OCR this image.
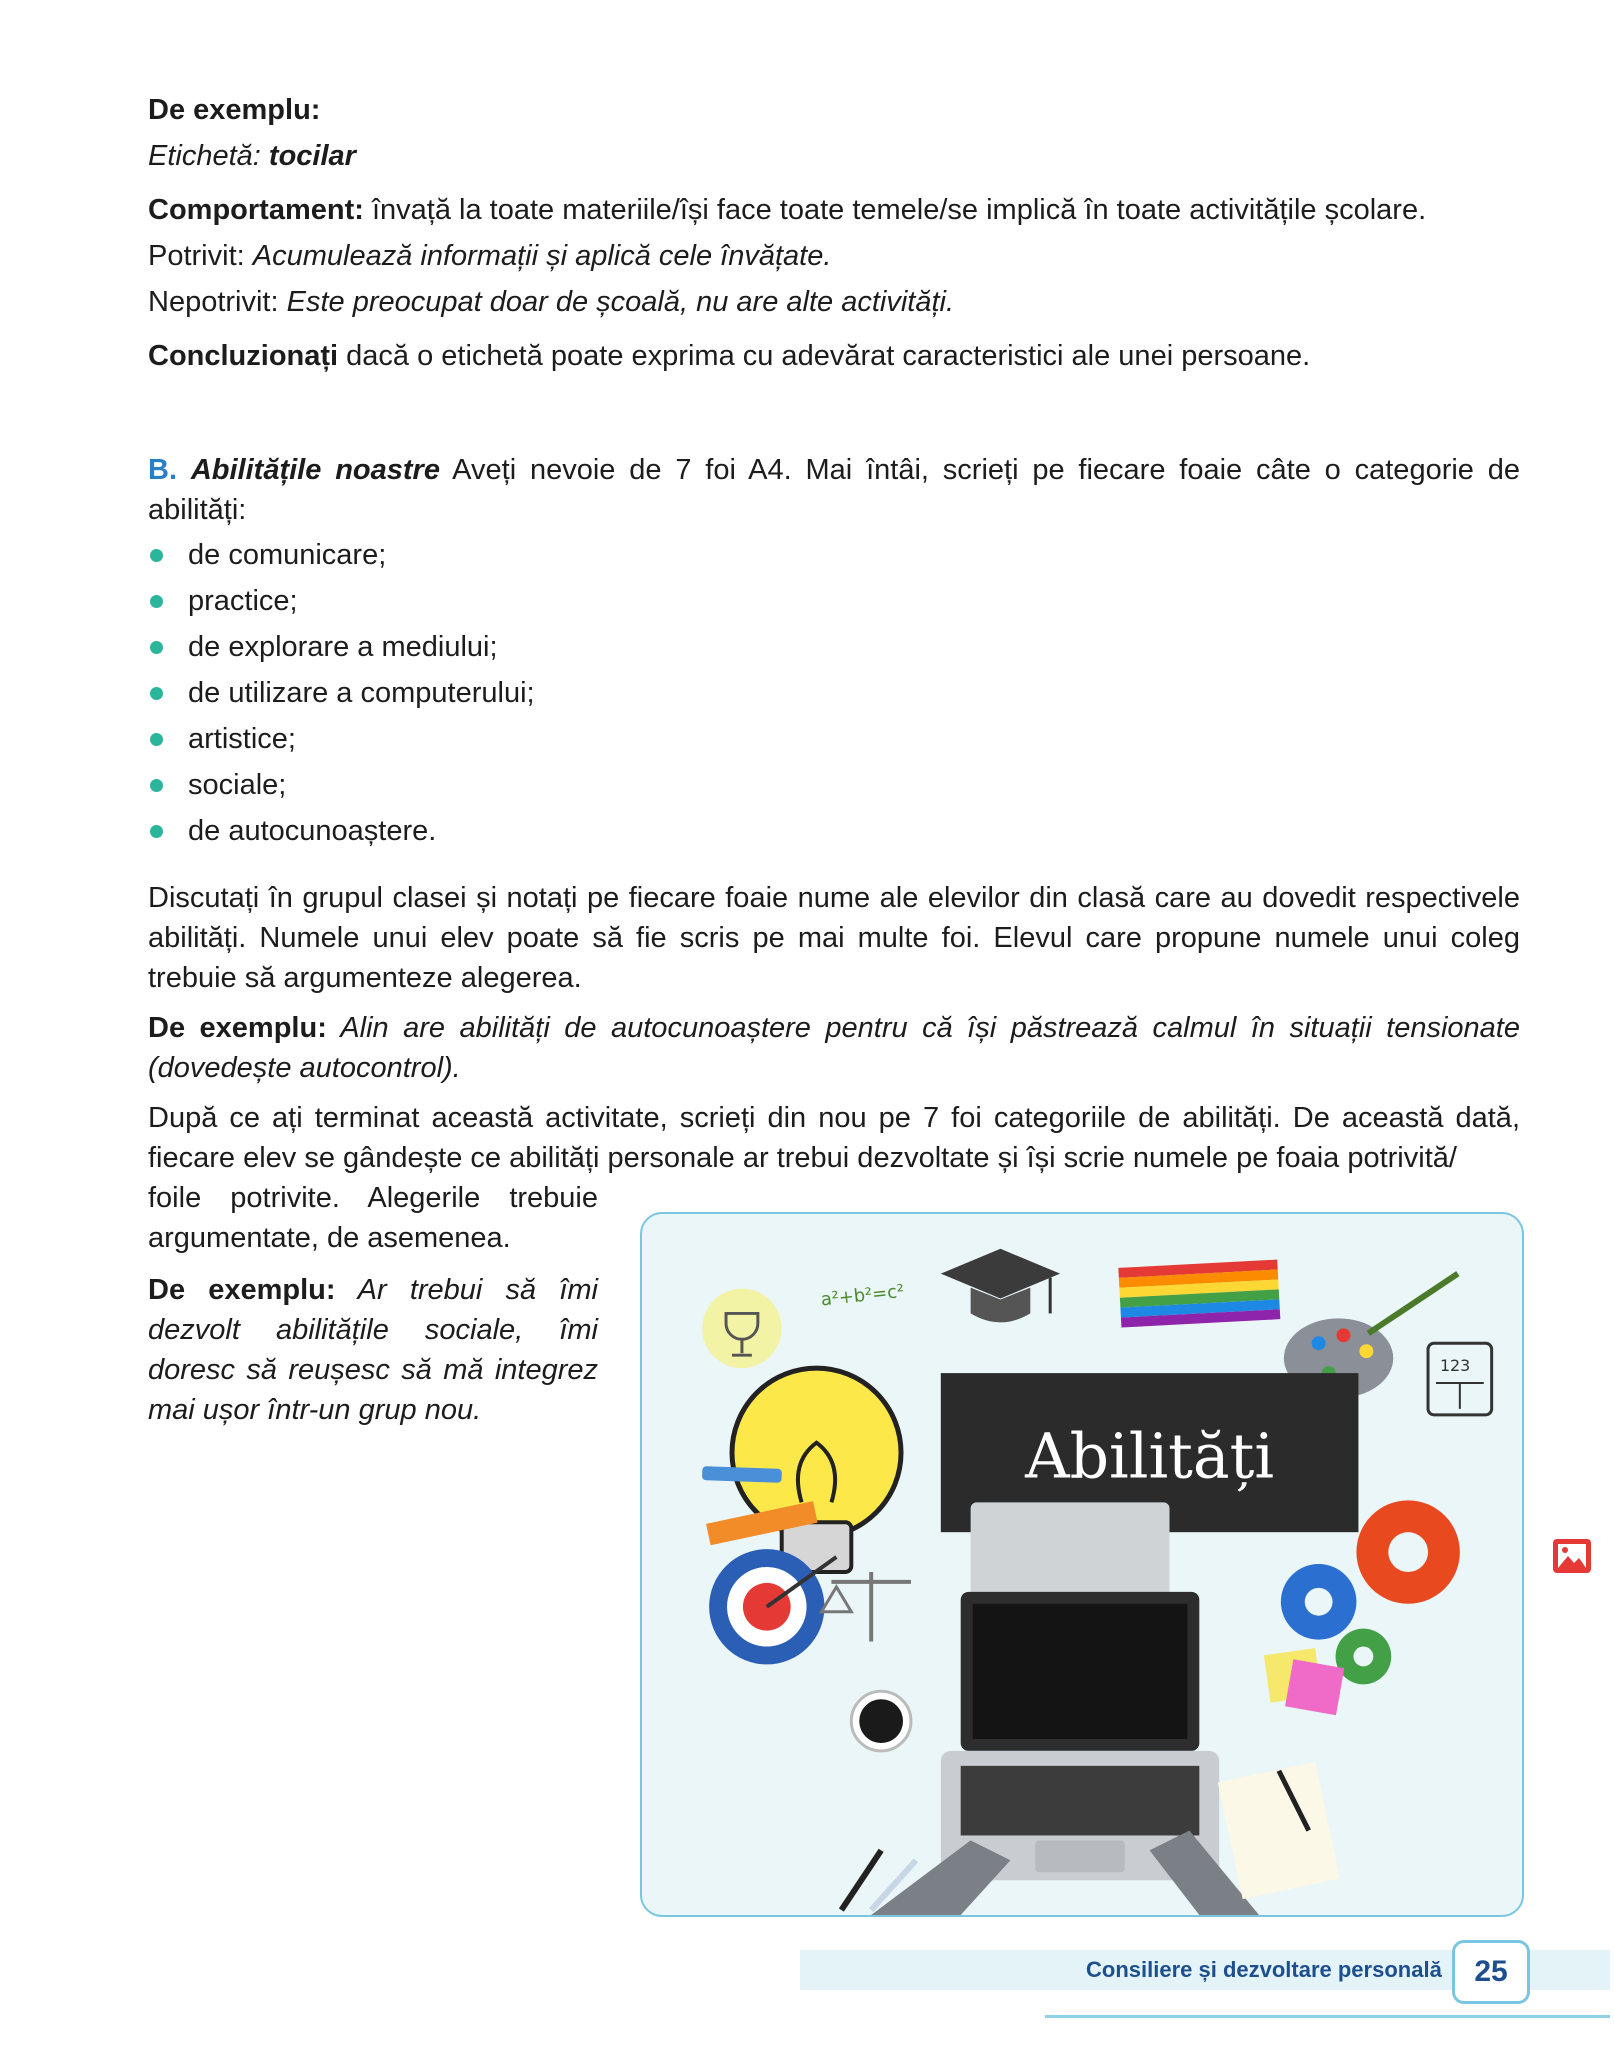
De exemplu:

Etichetă: tocilar

Comportament: învață la toate materiile/își face toate temele/se implică în toate activitățile școlare.

Potrivit: Acumulează informații și aplică cele învățate.

Nepotrivit: Este preocupat doar de școală, nu are alte activități.

Concluzionați dacă o etichetă poate exprima cu adevărat caracteristici ale unei persoane.

B. Abilitățile noastre Aveți nevoie de 7 foi A4. Mai întâi, scrieți pe fiecare foaie câte o categorie de abilități:

de comunicare;
practice;
de explorare a mediului;
de utilizare a computerului;
artistice;
sociale;
de autocunoaștere.

Discutați în grupul clasei și notați pe fiecare foaie nume ale elevilor din clasă care au dovedit respectivele abilități. Numele unui elev poate să fie scris pe mai multe foi. Elevul care propune numele unui coleg trebuie să argumenteze alegerea.

De exemplu: Alin are abilități de autocunoaștere pentru că își păstrează calmul în situații tensionate (dovedește autocontrol).

După ce ați terminat această activitate, scrieți din nou pe 7 foi categoriile de abilități. De această dată, fiecare elev se gândește ce abilități personale ar trebui dezvoltate și își scrie numele pe foaia potrivită/

foile potrivite. Alegerile trebuie argumentate, de asemenea.

De exemplu: Ar trebui să îmi dezvolt abilitățile sociale, îmi doresc să reușesc să mă integrez mai ușor într-un grup nou.

a²+b²=c²
123
Abilități
Consiliere și dezvoltare personală	25
